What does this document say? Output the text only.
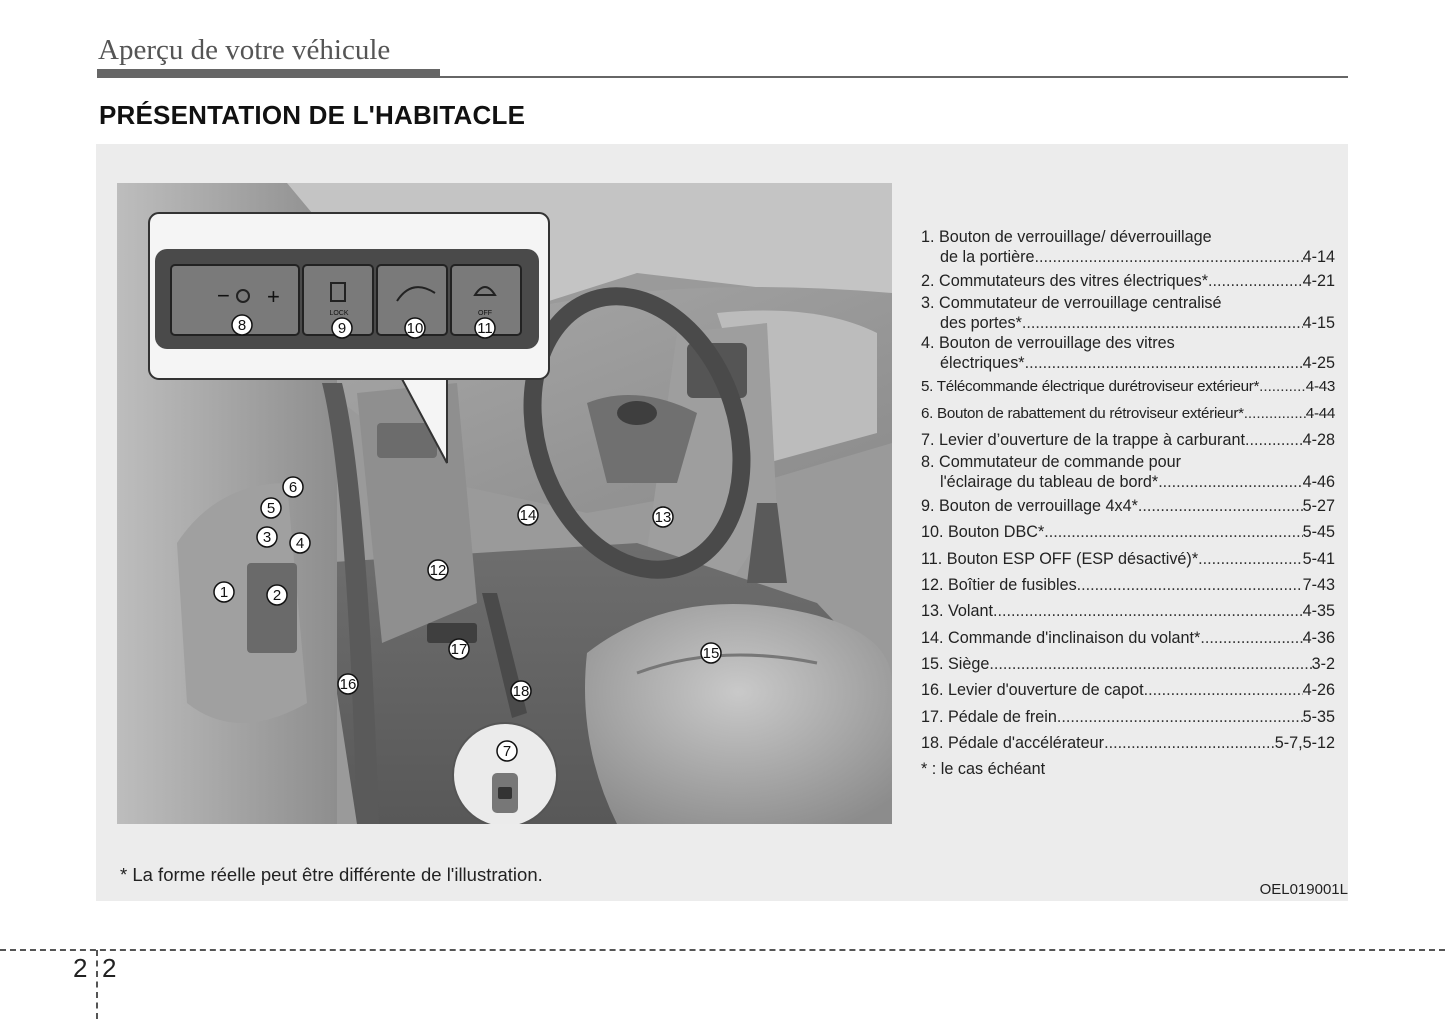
Aperçu de votre véhicule
PRÉSENTATION DE L'HABITACLE
− +
LOCK	OFF
8	9	10	11
6
5
3 4
1	2
12
14	13
15
17
16	18
7
1. Bouton de verrouillage/ déverrouillage
de la portière .....	4-14
2. Commutateurs des vitres électriques* .....	4-21
3. Commutateur de verrouillage centralisé
des portes* .....	4-15
4. Bouton de verrouillage des vitres
électriques* .....	4-25
5. Télécommande électrique durétroviseur extérieur* .....	4-43
6. Bouton de rabattement du rétroviseur extérieur* .....	4-44
7. Levier d’ouverture de la trappe à carburant .....	4-28
8. Commutateur de commande pour
l'éclairage du tableau de bord* .....	4-46
9. Bouton de verrouillage 4x4* .....	5-27
10. Bouton DBC* .....	5-45
11. Bouton ESP OFF (ESP désactivé)* .....	5-41
12. Boîtier de fusibles .....	7-43
13. Volant .....	4-35
14. Commande d'inclinaison du volant* .....	4-36
15. Siège .....	3-2
16. Levier d'ouverture de capot .....	4-26
17. Pédale de frein .....	5-35
18. Pédale d'accélérateur .....	5-7,5-12
* : le cas échéant
* La forme réelle peut être différente de l'illustration.
OEL019001L
2 2
